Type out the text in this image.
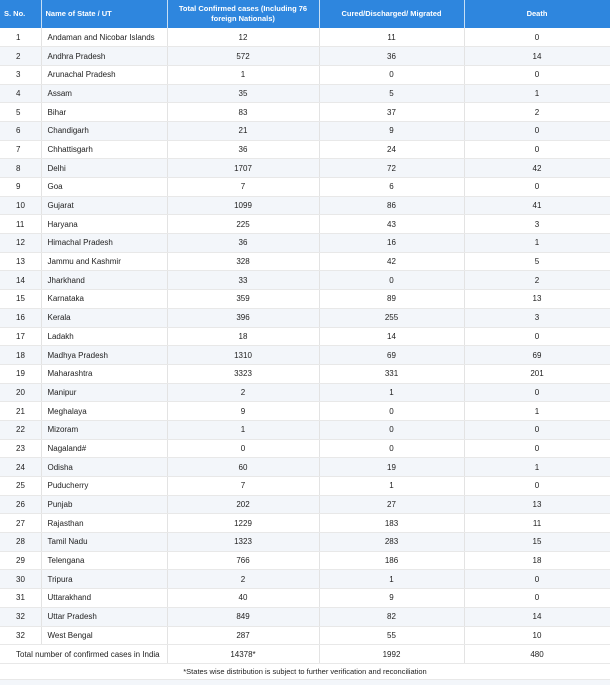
S. No.	Name of State / UT	Total Confirmed cases (Including 76 foreign Nationals)	Cured/Discharged/ Migrated	Death
1	Andaman and Nicobar Islands	12	11	0
2	Andhra Pradesh	572	36	14
3	Arunachal Pradesh	1	0	0
4	Assam	35	5	1
5	Bihar	83	37	2
6	Chandigarh	21	9	0
7	Chhattisgarh	36	24	0
8	Delhi	1707	72	42
9	Goa	7	6	0
10	Gujarat	1099	86	41
11	Haryana	225	43	3
12	Himachal Pradesh	36	16	1
13	Jammu and Kashmir	328	42	5
14	Jharkhand	33	0	2
15	Karnataka	359	89	13
16	Kerala	396	255	3
17	Ladakh	18	14	0
18	Madhya Pradesh	1310	69	69
19	Maharashtra	3323	331	201
20	Manipur	2	1	0
21	Meghalaya	9	0	1
22	Mizoram	1	0	0
23	Nagaland#	0	0	0
24	Odisha	60	19	1
25	Puducherry	7	1	0
26	Punjab	202	27	13
27	Rajasthan	1229	183	11
28	Tamil Nadu	1323	283	15
29	Telengana	766	186	18
30	Tripura	2	1	0
31	Uttarakhand	40	9	0
32	Uttar Pradesh	849	82	14
32	West Bengal	287	55	10
Total number of confirmed cases in India		14378*	1992	480
*States wise distribution is subject to further verification and reconciliation
